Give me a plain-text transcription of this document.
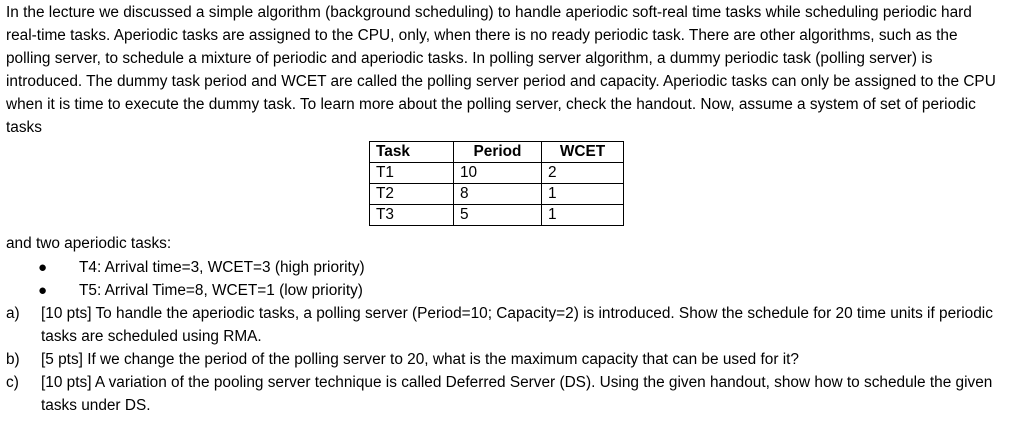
In the lecture we discussed a simple algorithm (background scheduling) to handle aperiodic soft-real time tasks while scheduling periodic hard real-time tasks. Aperiodic tasks are assigned to the CPU, only, when there is no ready periodic task. There are other algorithms, such as the polling server, to schedule a mixture of periodic and aperiodic tasks. In polling server algorithm, a dummy periodic task (polling server) is introduced. The dummy task period and WCET are called the polling server period and capacity. Aperiodic tasks can only be assigned to the CPU when it is time to execute the dummy task. To learn more about the polling server, check the handout. Now, assume a system of set of periodic tasks

Task	Period	WCET
T1	10	2
T2	8	1
T3	5	1

and two aperiodic tasks:

● T4: Arrival time=3, WCET=3 (high priority)
● T5: Arrival Time=8, WCET=1 (low priority)
a) [10 pts] To handle the aperiodic tasks, a polling server (Period=10; Capacity=2) is introduced. Show the schedule for 20 time units if periodic tasks are scheduled using RMA.
b) [5 pts] If we change the period of the polling server to 20, what is the maximum capacity that can be used for it?
c) [10 pts] A variation of the pooling server technique is called Deferred Server (DS). Using the given handout, show how to schedule the given tasks under DS.
